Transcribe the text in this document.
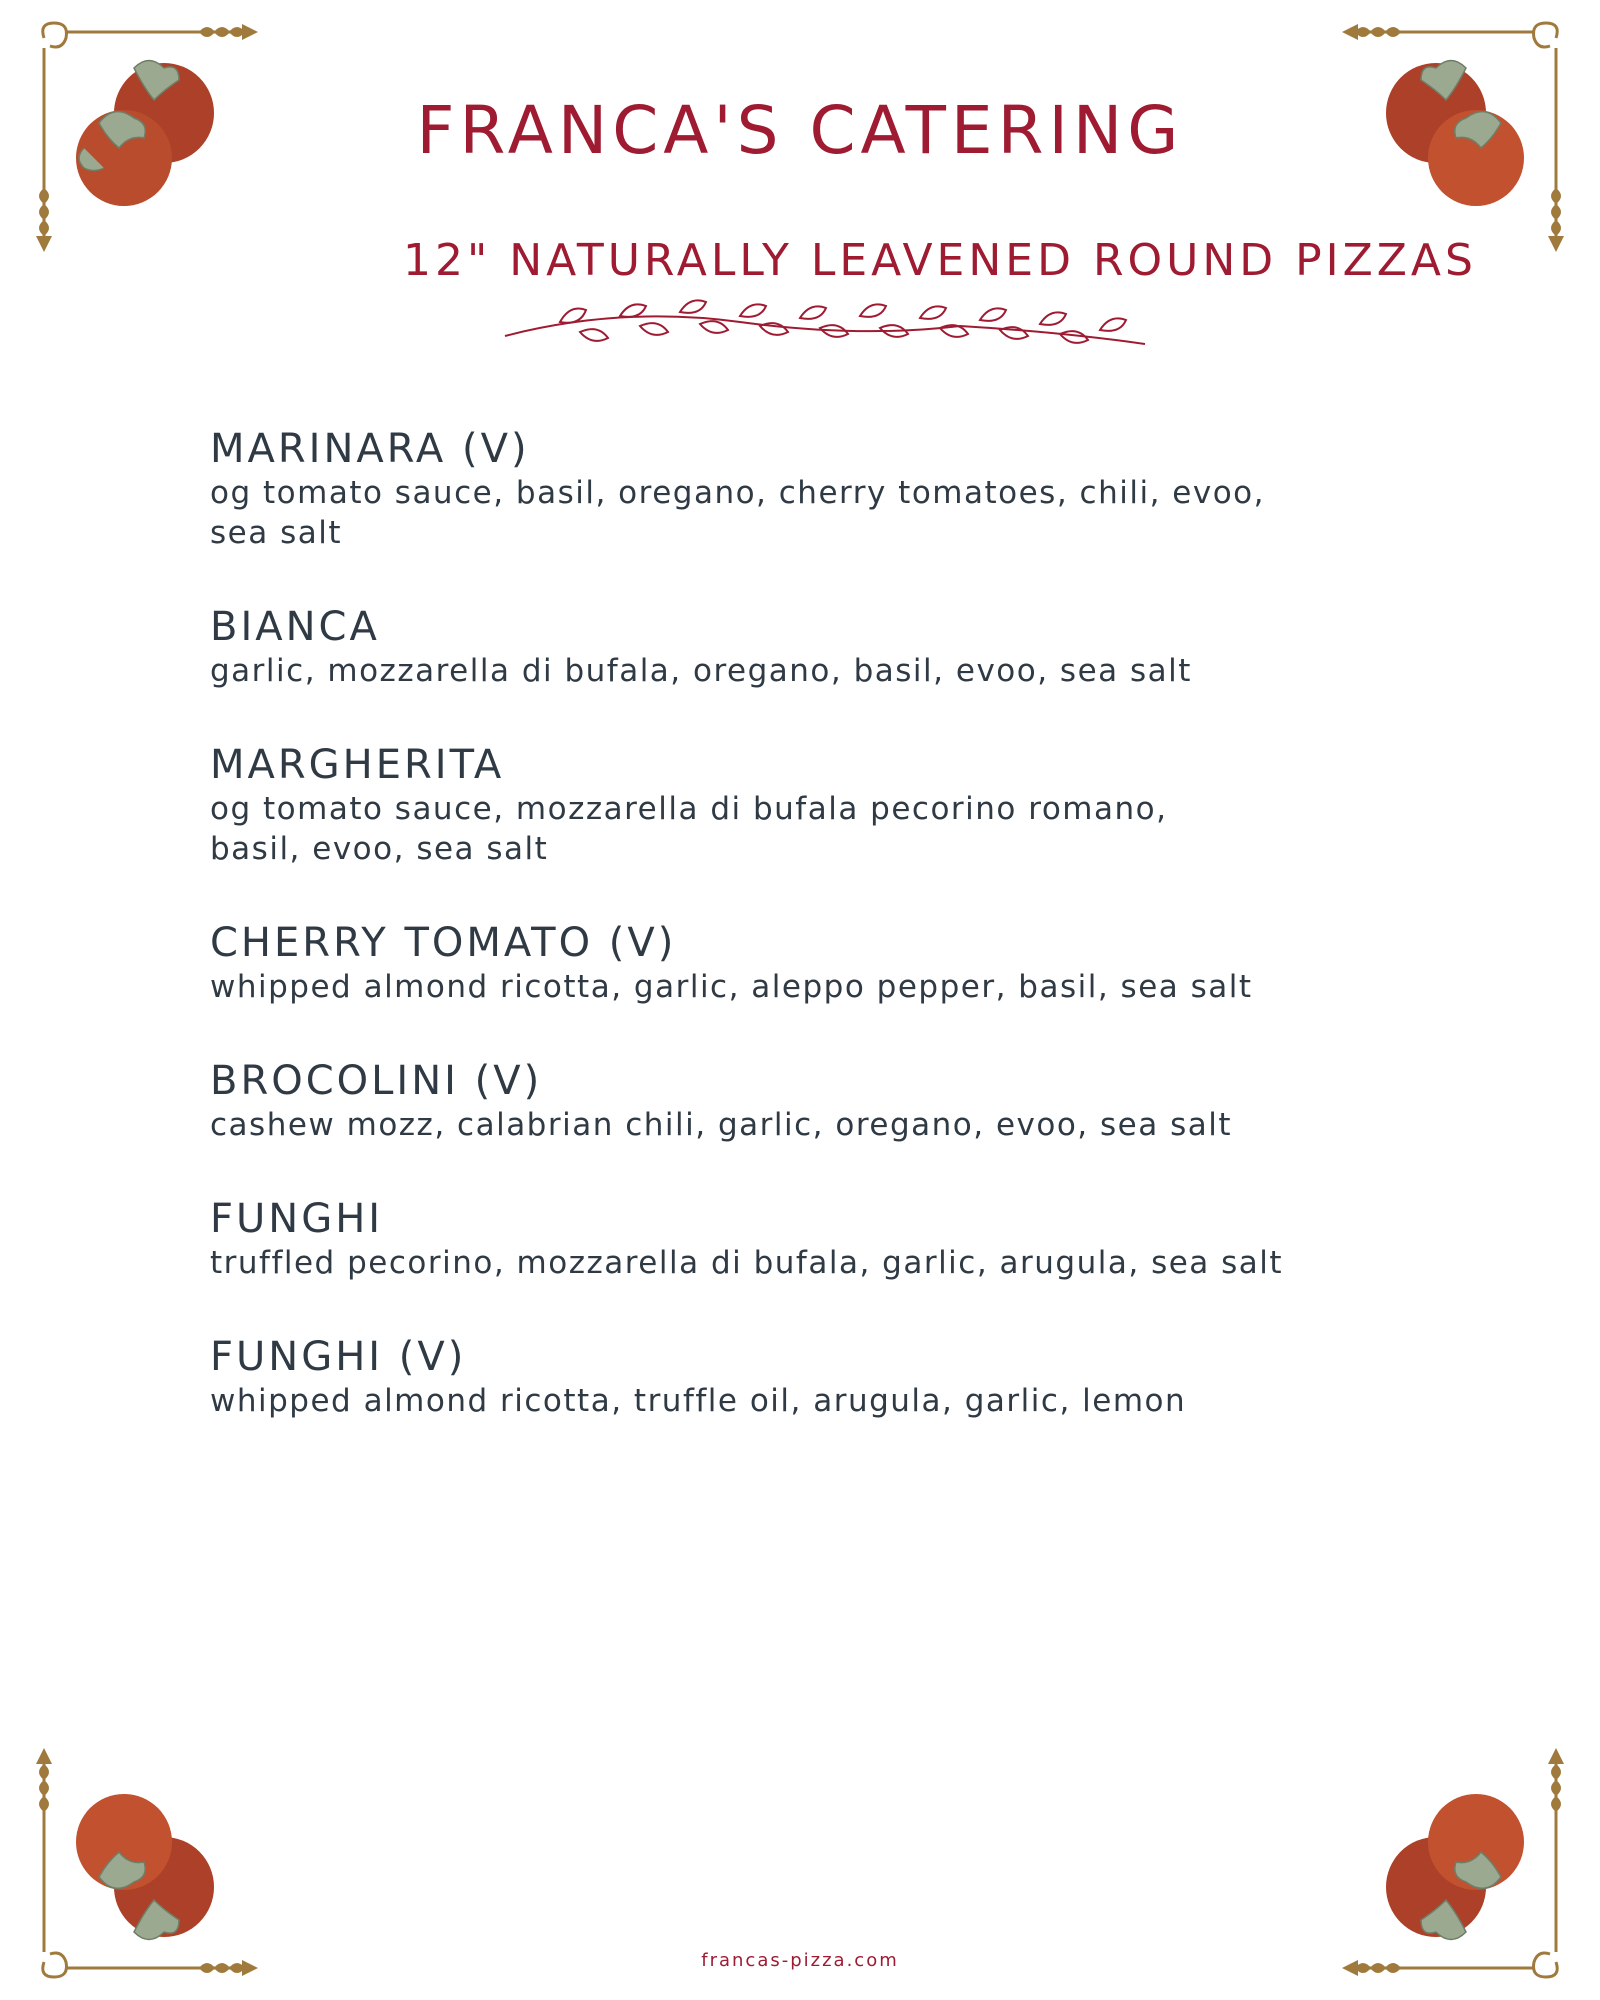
FRANCA'S CATERING
12" NATURALLY LEAVENED ROUND PIZZAS

MARINARA (V)

og tomato sauce, basil, oregano, cherry tomatoes, chili, evoo, sea salt

BIANCA

garlic, mozzarella di bufala, oregano, basil, evoo, sea salt

MARGHERITA

og tomato sauce, mozzarella di bufala pecorino romano, basil, evoo, sea salt

CHERRY TOMATO (V)

whipped almond ricotta, garlic, aleppo pepper, basil, sea salt

BROCOLINI (V)

cashew mozz, calabrian chili, garlic, oregano, evoo, sea salt

FUNGHI

truffled pecorino, mozzarella di bufala, garlic, arugula, sea salt

FUNGHI (V)

whipped almond ricotta, truffle oil, arugula, garlic, lemon

francas-pizza.com
